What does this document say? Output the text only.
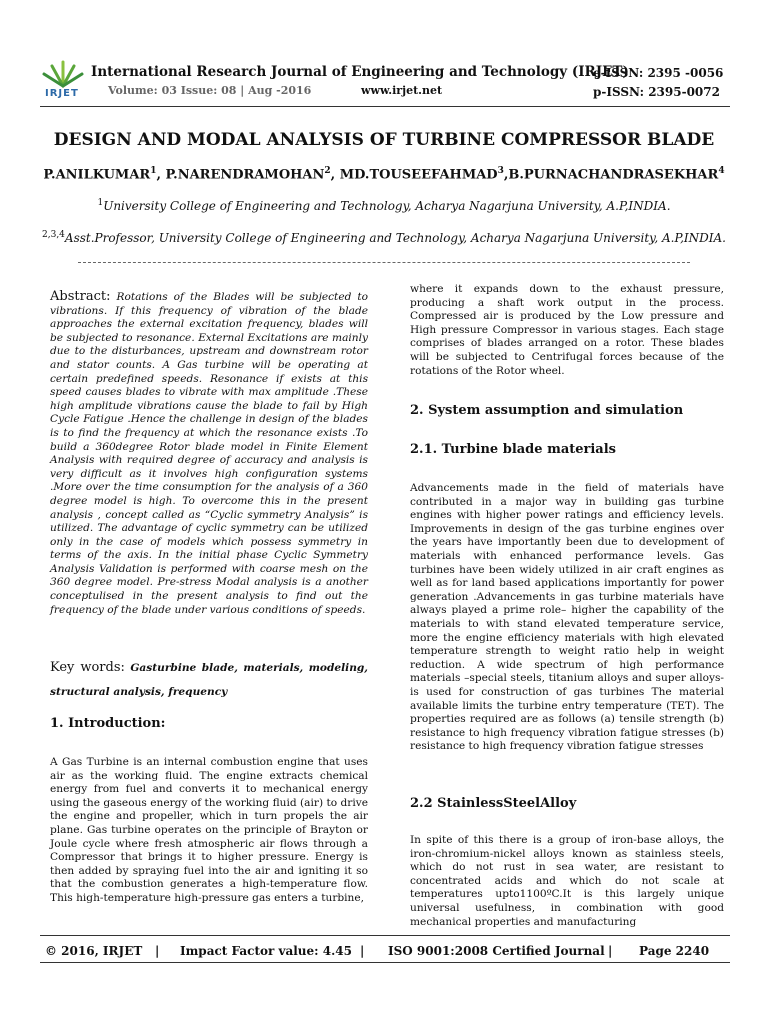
IRJET
International Research Journal of Engineering and Technology (IRJET)
e-ISSN: 2395 -0056
Volume: 03 Issue: 08 | Aug -2016	www.irjet.net	p-ISSN: 2395-0072
DESIGN AND MODAL ANALYSIS OF TURBINE COMPRESSOR BLADE
P.ANILKUMAR$^1$, P.NARENDRAMOHAN$^2$, MD.TOUSEEFAHMAD$^3$,B.PURNACHANDRASEKHAR$^4$
$^1$University College of Engineering and Technology, Acharya Nagarjuna University, A.P,INDIA.
$^{2,3,4}$Asst.Professor, University College of Engineering and Technology, Acharya Nagarjuna University, A.P,INDIA.
Abstract: Rotations of the Blades will be subjected to vibrations. If this frequency of vibration of the blade approaches the external excitation frequency, blades will be subjected to resonance. External Excitations are mainly due to the disturbances, upstream and downstream rotor and stator counts. A Gas turbine will be operating at certain predefined speeds. Resonance if exists at this speed causes blades to vibrate with max amplitude .These high amplitude vibrations cause the blade to fail by High Cycle Fatigue .Hence the challenge in design of the blades is to find the frequency at which the resonance exists .To build a 360degree Rotor blade model in Finite Element Analysis with required degree of accuracy and analysis is very difficult as it involves high configuration systems .More over the time consumption for the analysis of a 360 degree model is high. To overcome this in the present analysis , concept called as “Cyclic symmetry Analysis” is utilized. The advantage of cyclic symmetry can be utilized only in the case of models which possess symmetry in terms of the axis. In the initial phase Cyclic Symmetry Analysis Validation is performed with coarse mesh on the 360 degree model. Pre-stress Modal analysis is a another conceptulised in the present analysis to find out the frequency of the blade under various conditions of speeds.
Key words: Gasturbine blade, materials, modeling, structural analysis, frequency
1. Introduction:
A Gas Turbine is an internal combustion engine that uses air as the working fluid. The engine extracts chemical energy from fuel and converts it to mechanical energy using the gaseous energy of the working fluid (air) to drive the engine and propeller, which in turn propels the air plane. Gas turbine operates on the principle of Brayton or Joule cycle where fresh atmospheric air flows through a Compressor that brings it to higher pressure. Energy is then added by spraying fuel into the air and igniting it so that the combustion generates a high-temperature flow. This high-temperature high-pressure gas enters a turbine,
where it expands down to the exhaust pressure, producing a shaft work output in the process. Compressed air is produced by the Low pressure and High pressure Compressor in various stages. Each stage comprises of blades arranged on a rotor. These blades will be subjected to Centrifugal forces because of the rotations of the Rotor wheel.
2. System assumption and simulation
2.1. Turbine blade materials
Advancements made in the field of materials have contributed in a major way in building gas turbine engines with higher power ratings and efficiency levels. Improvements in design of the gas turbine engines over the years have importantly been due to development of materials with enhanced performance levels. Gas turbines have been widely utilized in air craft engines as well as for land based applications importantly for power generation .Advancements in gas turbine materials have always played a prime role– higher the capability of the materials to with stand elevated temperature service, more the engine efficiency materials with high elevated temperature strength to weight ratio help in weight reduction. A wide spectrum of high performance materials –special steels, titanium alloys and super alloys-is used for construction of gas turbines The material available limits the turbine entry temperature (TET). The properties required are as follows (a) tensile strength (b) resistance to high frequency vibration fatigue stresses (b) resistance to high frequency vibration fatigue stresses
2.2 StainlessSteelAlloy
In spite of this there is a group of iron-base alloys, the iron-chromium-nickel alloys known as stainless steels, which do not rust in sea water, are resistant to concentrated acids and which do not scale at temperatures upto1100ºC.It is this largely unique universal usefulness, in combination with good mechanical properties and manufacturing
© 2016, IRJET | Impact Factor value: 4.45 | ISO 9001:2008 Certified Journal | Page 2240
